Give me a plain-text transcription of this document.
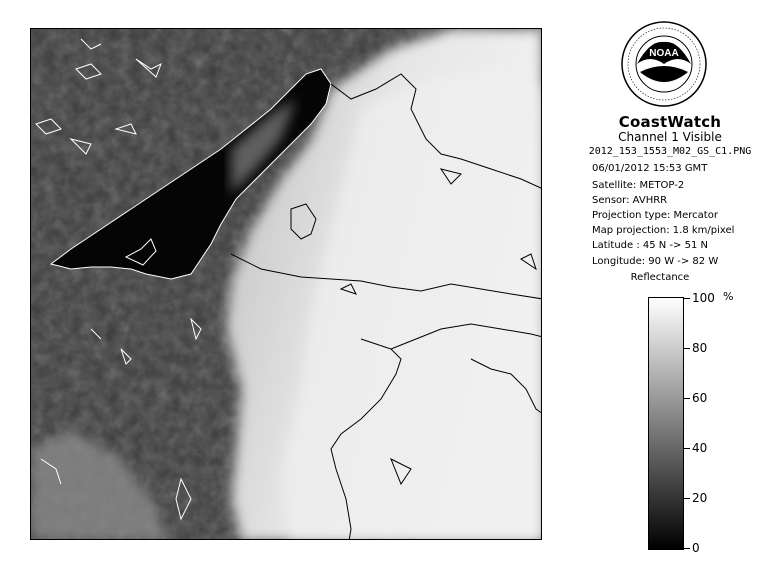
NOAA
CoastWatch
Channel 1 Visible
2012_153_1553_M02_GS_C1.PNG
06/01/2012 15:53 GMT
Satellite: METOP-2
Sensor: AVHRR
Projection type: Mercator
Map projection: 1.8 km/pixel
Latitude : 45 N -> 51 N
Longitude: 90 W -> 82 W
Reflectance
%
100
80
60
40
20
0
